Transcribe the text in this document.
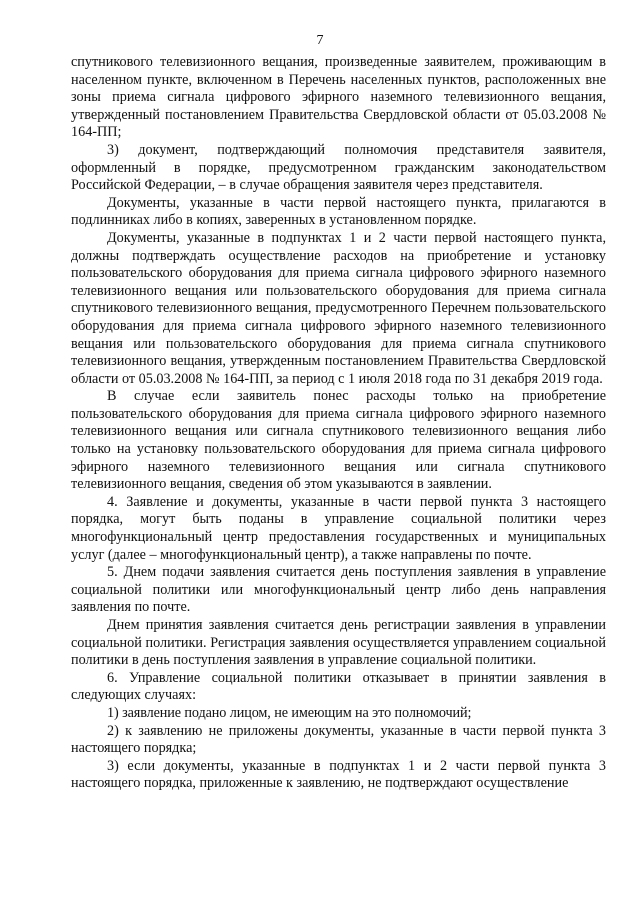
7

спутникового телевизионного вещания, произведенные заявителем, проживающим в населенном пункте, включенном в Перечень населенных пунктов, расположенных вне зоны приема сигнала цифрового эфирного наземного телевизионного вещания, утвержденный постановлением Правительства Свердловской области от 05.03.2008 № 164-ПП;

3) документ, подтверждающий полномочия представителя заявителя, оформленный в порядке, предусмотренном гражданским законодательством Российской Федерации, – в случае обращения заявителя через представителя.

Документы, указанные в части первой настоящего пункта, прилагаются в подлинниках либо в копиях, заверенных в установленном порядке.

Документы, указанные в подпунктах 1 и 2 части первой настоящего пункта, должны подтверждать осуществление расходов на приобретение и установку пользовательского оборудования для приема сигнала цифрового эфирного наземного телевизионного вещания или пользовательского оборудования для приема сигнала спутникового телевизионного вещания, предусмотренного Перечнем пользовательского оборудования для приема сигнала цифрового эфирного наземного телевизионного вещания или пользовательского оборудования для приема сигнала спутникового телевизионного вещания, утвержденным постановлением Правительства Свердловской области от 05.03.2008 № 164-ПП, за период с 1 июля 2018 года по 31 декабря 2019 года.

В случае если заявитель понес расходы только на приобретение пользовательского оборудования для приема сигнала цифрового эфирного наземного телевизионного вещания или сигнала спутникового телевизионного вещания либо только на установку пользовательского оборудования для приема сигнала цифрового эфирного наземного телевизионного вещания или сигнала спутникового телевизионного вещания, сведения об этом указываются в заявлении.

4. Заявление и документы, указанные в части первой пункта 3 настоящего порядка, могут быть поданы в управление социальной политики через многофункциональный центр предоставления государственных и муниципальных услуг (далее – многофункциональный центр), а также направлены по почте.

5. Днем подачи заявления считается день поступления заявления в управление социальной политики или многофункциональный центр либо день направления заявления по почте.

Днем принятия заявления считается день регистрации заявления в управлении социальной политики. Регистрация заявления осуществляется управлением социальной политики в день поступления заявления в управление социальной политики.

6. Управление социальной политики отказывает в принятии заявления в следующих случаях:

1) заявление подано лицом, не имеющим на это полномочий;

2) к заявлению не приложены документы, указанные в части первой пункта 3 настоящего порядка;

3) если документы, указанные в подпунктах 1 и 2 части первой пункта 3 настоящего порядка, приложенные к заявлению, не подтверждают осуществление
